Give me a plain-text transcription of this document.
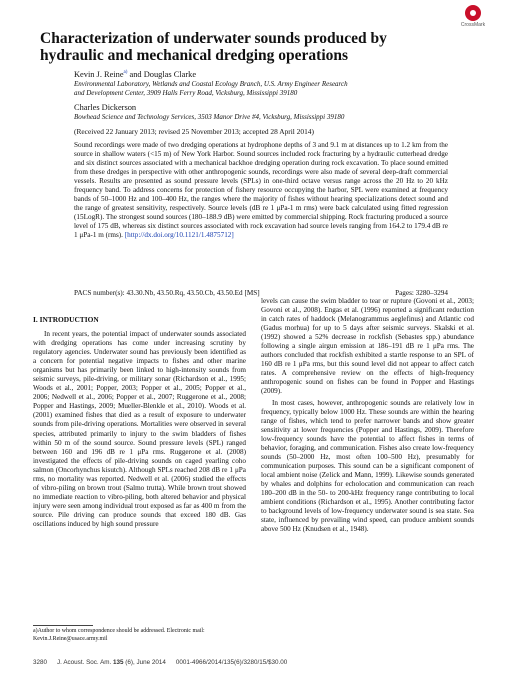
CrossMark
Characterization of underwater sounds produced by hydraulic and mechanical dredging operations
Kevin J. Reine$^{a)}$ and Douglas Clarke
Environmental Laboratory, Wetlands and Coastal Ecology Branch, U.S. Army Engineer Research
and Development Center, 3909 Halls Ferry Road, Vicksburg, Mississippi 39180
Charles Dickerson
Bowhead Science and Technology Services, 3503 Manor Drive #4, Vicksburg, Mississippi 39180
(Received 22 January 2013; revised 25 November 2013; accepted 28 April 2014)

Sound recordings were made of two dredging operations at hydrophone depths of 3 and 9.1 m at distances up to 1.2 km from the source in shallow waters (<15 m) of New York Harbor. Sound sources included rock fracturing by a hydraulic cutterhead dredge and six distinct sources associated with a mechanical backhoe dredging operation during rock excavation. To place sound emitted from these dredges in perspective with other anthropogenic sounds, recordings were also made of several deep-draft commercial vessels. Results are presented as sound pressure levels (SPLs) in one-third octave versus range across the 20 Hz to 20 kHz frequency band. To address concerns for protection of fishery resource occupying the harbor, SPL were examined at frequency bands of 50–1000 Hz and 100–400 Hz, the ranges where the majority of fishes without hearing specializations detect sound and the range of greatest sensitivity, respectively. Source levels (dB re 1 μPa-1 m rms) were back calculated using fitted regression (15LogR). The strongest sound sources (180–188.9 dB) were emitted by commercial shipping. Rock fracturing produced a source level of 175 dB, whereas six distinct sources associated with rock excavation had source levels ranging from 164.2 to 179.4 dB re 1 μPa-1 m (rms). [http://dx.doi.org/10.1121/1.4875712]

PACS number(s): 43.30.Nb, 43.50.Rq, 43.50.Cb, 43.50.Ed [MS]	Pages: 3280–3294
I. INTRODUCTION

In recent years, the potential impact of underwater sounds associated with dredging operations has come under increasing scrutiny by regulatory agencies. Underwater sound has previously been identified as a concern for potential negative impacts to fishes and other marine organisms but has primarily been linked to high-intensity sounds from seismic surveys, pile-driving, or military sonar (Richardson et al., 1995; Woods et al., 2001; Popper, 2003; Popper et al., 2005; Popper et al., 2006; Nedwell et al., 2006; Popper et al., 2007; Ruggerone et al., 2008; Popper and Hastings, 2009; Mueller-Blenkle et al., 2010). Woods et al. (2001) examined fishes that died as a result of exposure to underwater sounds from pile-driving operations. Mortalities were observed in several species, attributed primarily to injury to the swim bladders of fishes within 50 m of the sound source. Sound pressure levels (SPL) ranged between 160 and 196 dB re 1 μPa rms. Ruggerone et al. (2008) investigated the effects of pile-driving sounds on caged yearling coho salmon (Oncorhynchus kisutch). Although SPLs reached 208 dB re 1 μPa rms, no mortality was reported. Nedwell et al. (2006) studied the effects of vibro-piling on brown trout (Salmo trutta). While brown trout showed no immediate reaction to vibro-piling, both altered behavior and physical injury were seen among individual trout exposed as far as 400 m from the source. Pile driving can produce sounds that exceed 180 dB. Gas oscillations induced by high sound pressure

levels can cause the swim bladder to tear or rupture (Govoni et al., 2003; Govoni et al., 2008). Engas et al. (1996) reported a significant reduction in catch rates of haddock (Melanogrammus aeglefinus) and Atlantic cod (Gadus morhua) for up to 5 days after seismic surveys. Skalski et al. (1992) showed a 52% decrease in rockfish (Sebastes spp.) abundance following a single airgun emission at 186–191 dB re 1 μPa rms. The authors concluded that rockfish exhibited a startle response to an SPL of 160 dB re 1 μPa rms, but this sound level did not appear to affect catch rates. A comprehensive review on the effects of high-frequency anthropogenic sound on fishes can be found in Popper and Hastings (2009).

In most cases, however, anthropogenic sounds are relatively low in frequency, typically below 1000 Hz. These sounds are within the hearing range of fishes, which tend to prefer narrower bands and show greater sensitivity at lower frequencies (Popper and Hastings, 2009). Therefore low-frequency sounds have the potential to affect fishes in terms of behavior, foraging, and communication. Fishes also create low-frequency sounds (50–2000 Hz, most often 100–500 Hz), presumably for communication purposes. This sound can be a significant component of local ambient noise (Zelick and Mann, 1999). Likewise sounds generated by whales and dolphins for echolocation and communication can reach 180–200 dB in the 50- to 200-kHz frequency range contributing to local ambient conditions (Richardson et al., 1995). Another contributing factor to background levels of low-frequency underwater sound is sea state. Sea state, influenced by prevailing wind speed, can produce ambient sounds above 500 Hz (Knudsen et al., 1948).

a)Author to whom correspondence should be addressed. Electronic mail: Kevin.J.Reine@usace.army.mil
3280 J. Acoust. Soc. Am. 135 (6), June 2014 0001-4966/2014/135(6)/3280/15/$30.00
